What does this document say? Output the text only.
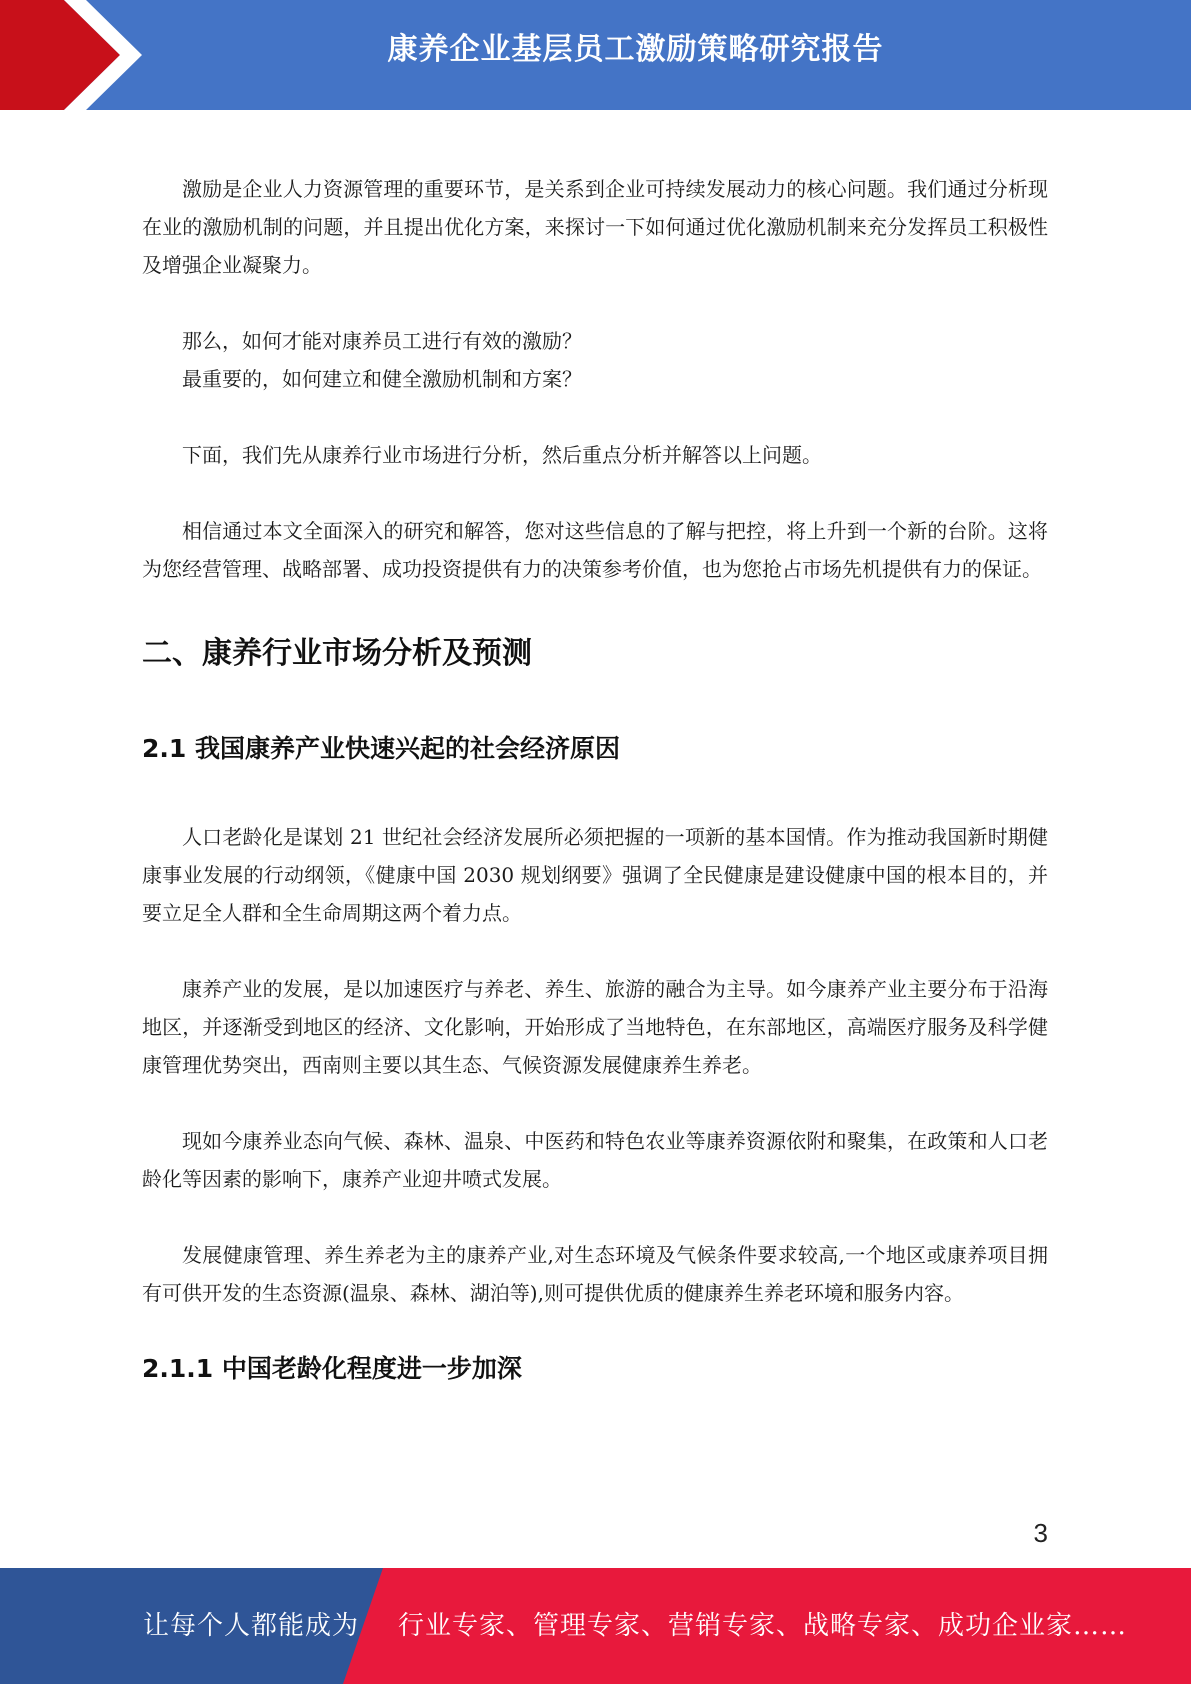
康养企业基层员工激励策略研究报告

激励是企业人力资源管理的重要环节，是关系到企业可持续发展动力的核心问题。我们通过分析现在业的激励机制的问题，并且提出优化方案，来探讨一下如何通过优化激励机制来充分发挥员工积极性及增强企业凝聚力。

那么，如何才能对康养员工进行有效的激励？

最重要的，如何建立和健全激励机制和方案？

下面，我们先从康养行业市场进行分析，然后重点分析并解答以上问题。

相信通过本文全面深入的研究和解答，您对这些信息的了解与把控，将上升到一个新的台阶。这将为您经营管理、战略部署、成功投资提供有力的决策参考价值，也为您抢占市场先机提供有力的保证。

二、康养行业市场分析及预测
2.1 我国康养产业快速兴起的社会经济原因

人口老龄化是谋划 21 世纪社会经济发展所必须把握的一项新的基本国情。作为推动我国新时期健康事业发展的行动纲领，《健康中国 2030 规划纲要》强调了全民健康是建设健康中国的根本目的，并要立足全人群和全生命周期这两个着力点。

康养产业的发展，是以加速医疗与养老、养生、旅游的融合为主导。如今康养产业主要分布于沿海地区，并逐渐受到地区的经济、文化影响，开始形成了当地特色，在东部地区，高端医疗服务及科学健康管理优势突出，西南则主要以其生态、气候资源发展健康养生养老。

现如今康养业态向气候、森林、温泉、中医药和特色农业等康养资源依附和聚集，在政策和人口老龄化等因素的影响下，康养产业迎井喷式发展。

发展健康管理、养生养老为主的康养产业,对生态环境及气候条件要求较高,一个地区或康养项目拥有可供开发的生态资源(温泉、森林、湖泊等),则可提供优质的健康养生养老环境和服务内容。

2.1.1 中国老龄化程度进一步加深
3
让每个人都能成为 行业专家、管理专家、营销专家、战略专家、成功企业家……
